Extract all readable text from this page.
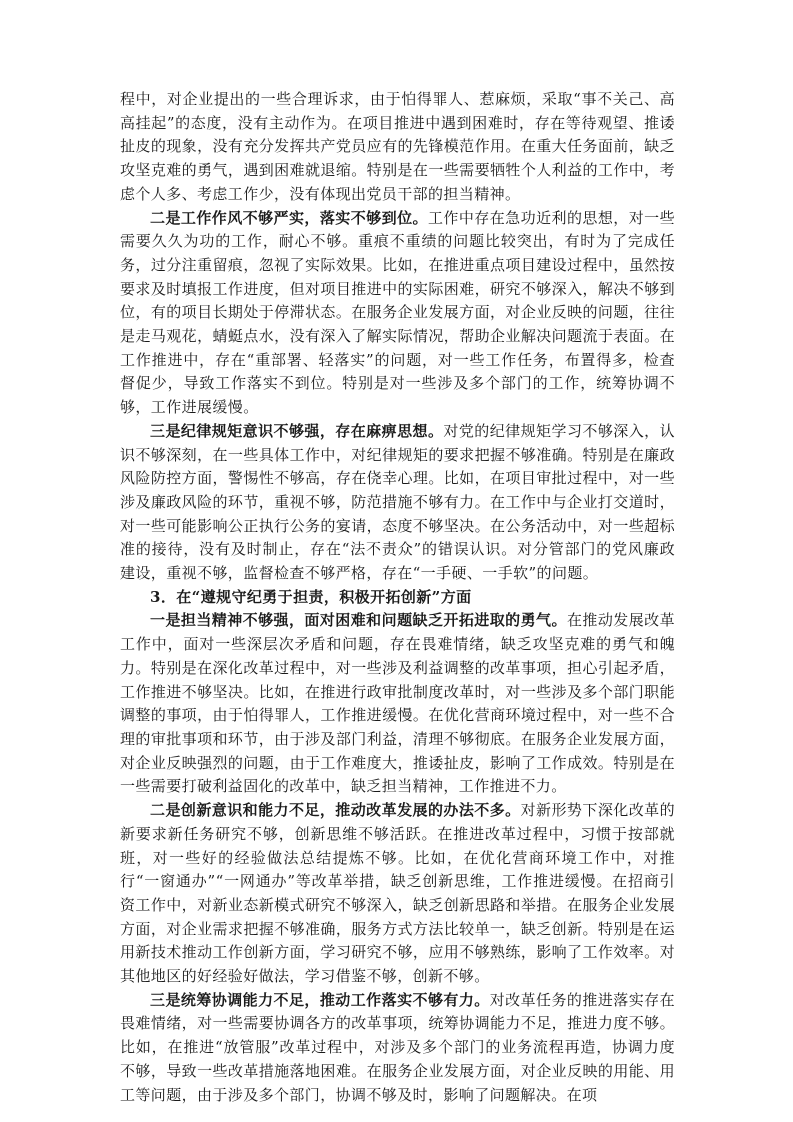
程中，对企业提出的一些合理诉求，由于怕得罪人、惹麻烦，采取“事不关己、高高挂起”的态度，没有主动作为。在项目推进中遇到困难时，存在等待观望、推诿扯皮的现象，没有充分发挥共产党员应有的先锋模范作用。在重大任务面前，缺乏攻坚克难的勇气，遇到困难就退缩。特别是在一些需要牺牲个人利益的工作中，考虑个人多、考虑工作少，没有体现出党员干部的担当精神。

二是工作作风不够严实，落实不够到位。工作中存在急功近利的思想，对一些需要久久为功的工作，耐心不够。重痕不重绩的问题比较突出，有时为了完成任务，过分注重留痕，忽视了实际效果。比如，在推进重点项目建设过程中，虽然按要求及时填报工作进度，但对项目推进中的实际困难，研究不够深入，解决不够到位，有的项目长期处于停滞状态。在服务企业发展方面，对企业反映的问题，往往是走马观花，蜻蜓点水，没有深入了解实际情况，帮助企业解决问题流于表面。在工作推进中，存在“重部署、轻落实”的问题，对一些工作任务，布置得多，检查督促少，导致工作落实不到位。特别是对一些涉及多个部门的工作，统筹协调不够，工作进展缓慢。

三是纪律规矩意识不够强，存在麻痹思想。对党的纪律规矩学习不够深入，认识不够深刻，在一些具体工作中，对纪律规矩的要求把握不够准确。特别是在廉政风险防控方面，警惕性不够高，存在侥幸心理。比如，在项目审批过程中，对一些涉及廉政风险的环节，重视不够，防范措施不够有力。在工作中与企业打交道时，对一些可能影响公正执行公务的宴请，态度不够坚决。在公务活动中，对一些超标准的接待，没有及时制止，存在“法不责众”的错误认识。对分管部门的党风廉政建设，重视不够，监督检查不够严格，存在“一手硬、一手软”的问题。

3．在“遵规守纪勇于担责，积极开拓创新”方面

一是担当精神不够强，面对困难和问题缺乏开拓进取的勇气。在推动发展改革工作中，面对一些深层次矛盾和问题，存在畏难情绪，缺乏攻坚克难的勇气和魄力。特别是在深化改革过程中，对一些涉及利益调整的改革事项，担心引起矛盾，工作推进不够坚决。比如，在推进行政审批制度改革时，对一些涉及多个部门职能调整的事项，由于怕得罪人，工作推进缓慢。在优化营商环境过程中，对一些不合理的审批事项和环节，由于涉及部门利益，清理不够彻底。在服务企业发展方面，对企业反映强烈的问题，由于工作难度大，推诿扯皮，影响了工作成效。特别是在一些需要打破利益固化的改革中，缺乏担当精神，工作推进不力。

二是创新意识和能力不足，推动改革发展的办法不多。对新形势下深化改革的新要求新任务研究不够，创新思维不够活跃。在推进改革过程中，习惯于按部就班，对一些好的经验做法总结提炼不够。比如，在优化营商环境工作中，对推行“一窗通办”“一网通办”等改革举措，缺乏创新思维，工作推进缓慢。在招商引资工作中，对新业态新模式研究不够深入，缺乏创新思路和举措。在服务企业发展方面，对企业需求把握不够准确，服务方式方法比较单一，缺乏创新。特别是在运用新技术推动工作创新方面，学习研究不够，应用不够熟练，影响了工作效率。对其他地区的好经验好做法，学习借鉴不够，创新不够。

三是统筹协调能力不足，推动工作落实不够有力。对改革任务的推进落实存在畏难情绪，对一些需要协调各方的改革事项，统筹协调能力不足，推进力度不够。比如，在推进“放管服”改革过程中，对涉及多个部门的业务流程再造，协调力度不够，导致一些改革措施落地困难。在服务企业发展方面，对企业反映的用能、用工等问题，由于涉及多个部门，协调不够及时，影响了问题解决。在项
